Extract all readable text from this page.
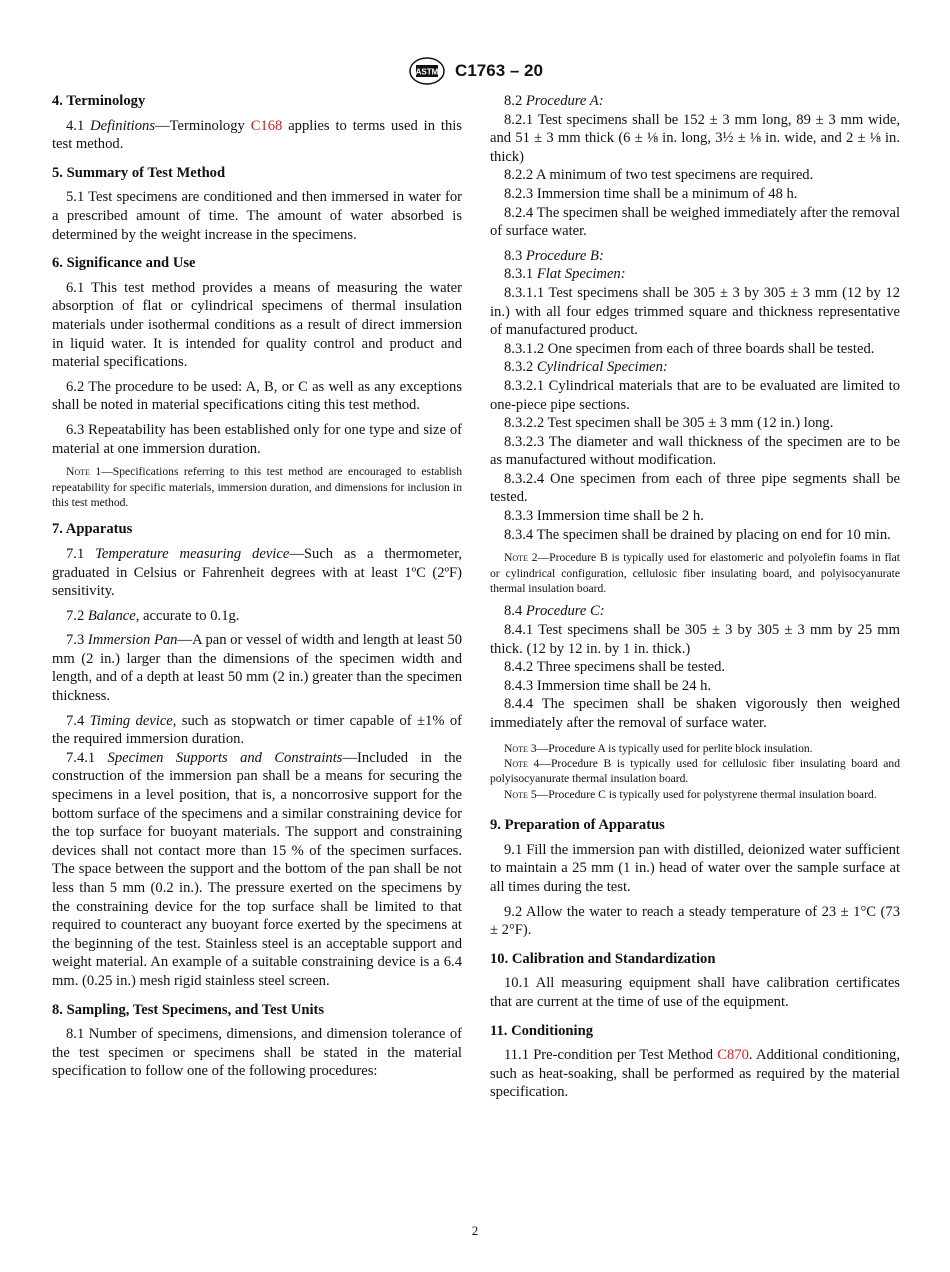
ASTM C1763 – 20

4. Terminology

4.1 Definitions—Terminology C168 applies to terms used in this test method.

5. Summary of Test Method

5.1 Test specimens are conditioned and then immersed in water for a prescribed amount of time. The amount of water absorbed is determined by the weight increase in the specimens.

6. Significance and Use

6.1 This test method provides a means of measuring the water absorption of flat or cylindrical specimens of thermal insulation materials under isothermal conditions as a result of direct immersion in liquid water. It is intended for quality control and product and material specifications.

6.2 The procedure to be used: A, B, or C as well as any exceptions shall be noted in material specifications citing this test method.

6.3 Repeatability has been established only for one type and size of material at one immersion duration.

Note 1—Specifications referring to this test method are encouraged to establish repeatability for specific materials, immersion duration, and dimensions for inclusion in this test method.

7. Apparatus

7.1 Temperature measuring device—Such as a thermometer, graduated in Celsius or Fahrenheit degrees with at least 1ºC (2ºF) sensitivity.

7.2 Balance, accurate to 0.1g.

7.3 Immersion Pan—A pan or vessel of width and length at least 50 mm (2 in.) larger than the dimensions of the specimen width and length, and of a depth at least 50 mm (2 in.) greater than the specimen thickness.

7.4 Timing device, such as stopwatch or timer capable of ±1% of the required immersion duration.

7.4.1 Specimen Supports and Constraints—Included in the construction of the immersion pan shall be a means for securing the specimens in a level position, that is, a noncorrosive support for the bottom surface of the specimens and a similar constraining device for the top surface for buoyant materials. The support and constraining devices shall not contact more than 15 % of the specimen surfaces. The space between the support and the bottom of the pan shall be not less than 5 mm (0.2 in.). The pressure exerted on the specimens by the constraining device for the top surface shall be limited to that required to counteract any buoyant force exerted by the specimens at the beginning of the test. Stainless steel is an acceptable support and weight material. An example of a suitable constraining device is a 6.4 mm. (0.25 in.) mesh rigid stainless steel screen.

8. Sampling, Test Specimens, and Test Units

8.1 Number of specimens, dimensions, and dimension tolerance of the test specimen or specimens shall be stated in the material specification to follow one of the following procedures:

8.2 Procedure A:

8.2.1 Test specimens shall be 152 ± 3 mm long, 89 ± 3 mm wide, and 51 ± 3 mm thick (6 ± ⅛ in. long, 3½ ± ⅛ in. wide, and 2 ± ⅛ in. thick)

8.2.2 A minimum of two test specimens are required.

8.2.3 Immersion time shall be a minimum of 48 h.

8.2.4 The specimen shall be weighed immediately after the removal of surface water.

8.3 Procedure B:

8.3.1 Flat Specimen:

8.3.1.1 Test specimens shall be 305 ± 3 by 305 ± 3 mm (12 by 12 in.) with all four edges trimmed square and thickness representative of manufactured product.

8.3.1.2 One specimen from each of three boards shall be tested.

8.3.2 Cylindrical Specimen:

8.3.2.1 Cylindrical materials that are to be evaluated are limited to one-piece pipe sections.

8.3.2.2 Test specimen shall be 305 ± 3 mm (12 in.) long.

8.3.2.3 The diameter and wall thickness of the specimen are to be as manufactured without modification.

8.3.2.4 One specimen from each of three pipe segments shall be tested.

8.3.3 Immersion time shall be 2 h.

8.3.4 The specimen shall be drained by placing on end for 10 min.

Note 2—Procedure B is typically used for elastomeric and polyolefin foams in flat or cylindrical configuration, cellulosic fiber insulating board, and polyisocyanurate thermal insulation board.

8.4 Procedure C:

8.4.1 Test specimens shall be 305 ± 3 by 305 ± 3 mm by 25 mm thick. (12 by 12 in. by 1 in. thick.)

8.4.2 Three specimens shall be tested.

8.4.3 Immersion time shall be 24 h.

8.4.4 The specimen shall be shaken vigorously then weighed immediately after the removal of surface water.

Note 3—Procedure A is typically used for perlite block insulation.

Note 4—Procedure B is typically used for cellulosic fiber insulating board and polyisocyanurate thermal insulation board.

Note 5—Procedure C is typically used for polystyrene thermal insulation board.

9. Preparation of Apparatus

9.1 Fill the immersion pan with distilled, deionized water sufficient to maintain a 25 mm (1 in.) head of water over the sample surface at all times during the test.

9.2 Allow the water to reach a steady temperature of 23 ± 1°C (73 ± 2°F).

10. Calibration and Standardization

10.1 All measuring equipment shall have calibration certificates that are current at the time of use of the equipment.

11. Conditioning

11.1 Pre-condition per Test Method C870. Additional conditioning, such as heat-soaking, shall be performed as required by the material specification.

2
